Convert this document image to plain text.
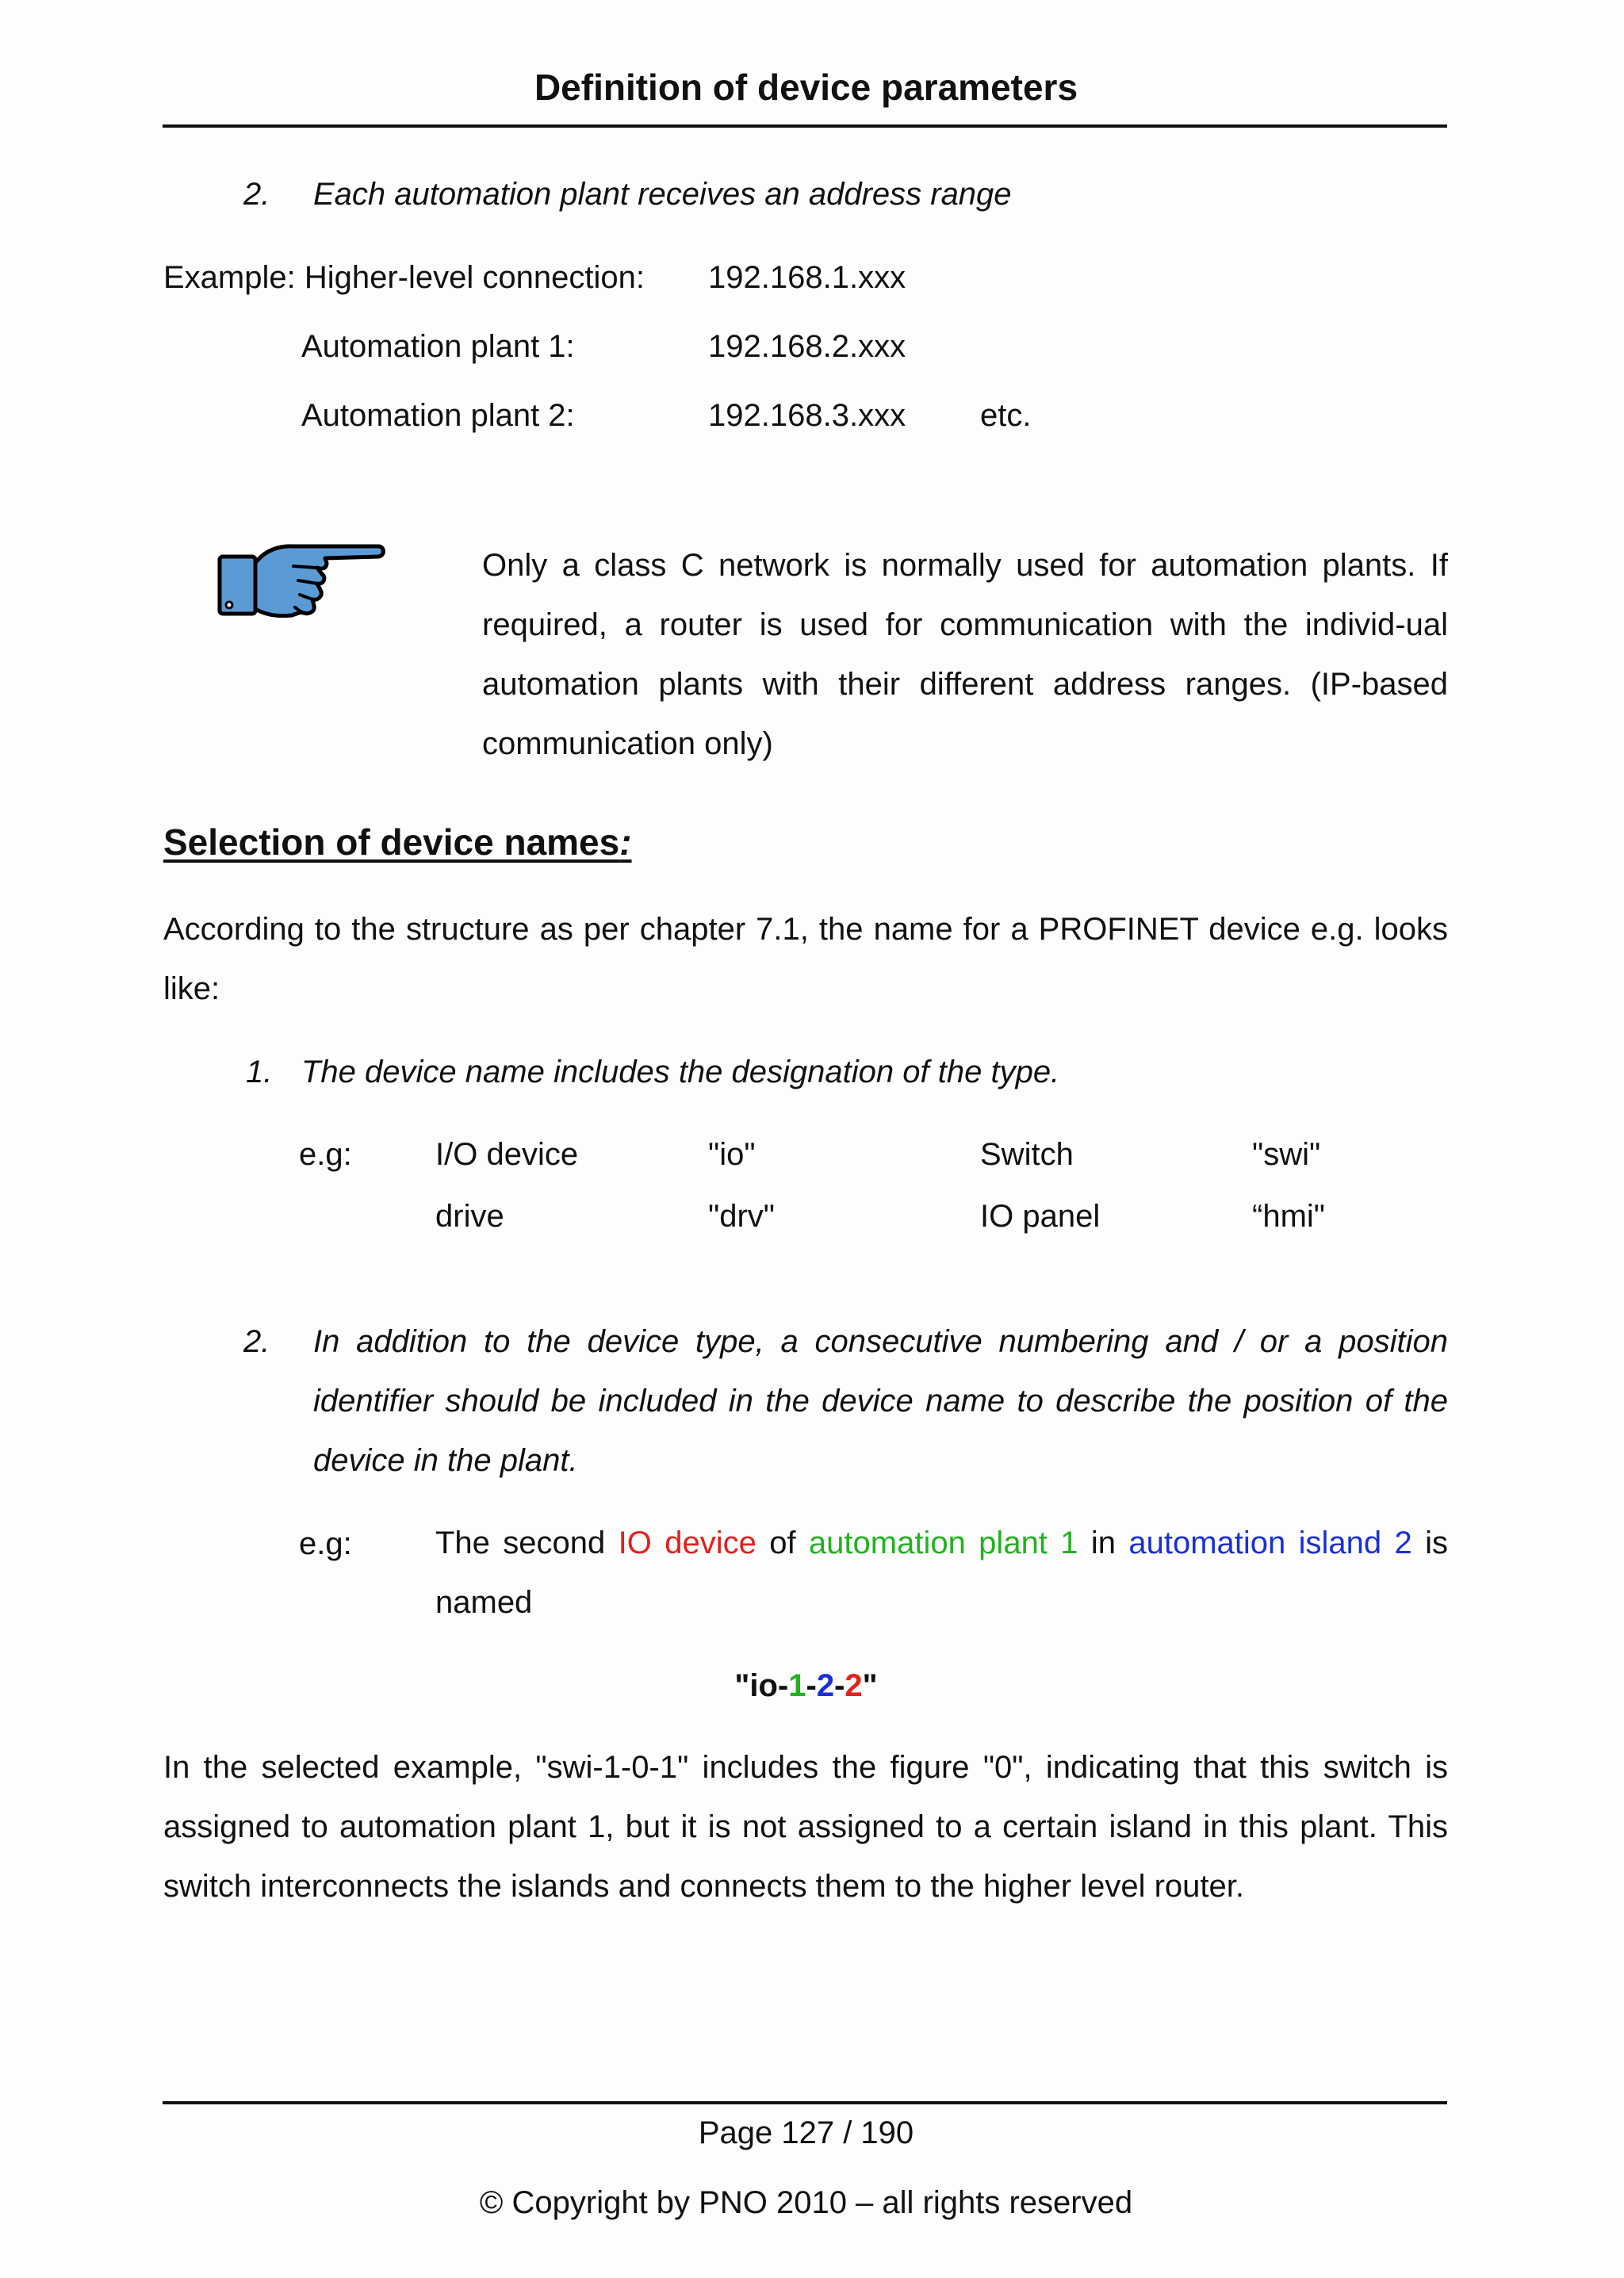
Definition of device parameters
2. Each automation plant receives an address range
Example: Higher-level connection: 192.168.1.xxx
Automation plant 1:	192.168.2.xxx
Automation plant 2:	192.168.3.xxx etc.

Only a class C network is normally used for automation plants. If required, a router is used for communication with the individ-ual automation plants with their different address ranges. (IP-based communication only)

Selection of device names:

According to the structure as per chapter 7.1, the name for a PROFINET device e.g. looks like:

1. The device name includes the designation of the type.
e.g:	I/O device	"io"	Switch	"swi"
drive	"drv"	IO panel	“hmi"
2. In addition to the device type, a consecutive numbering and / or a position identifier should be included in the device name to describe the position of the device in the plant.

e.g:	The second IO device of automation plant 1 in automation island 2 is named

"io-1-2-2"

In the selected example, "swi-1-0-1" includes the figure "0", indicating that this switch is assigned to automation plant 1, but it is not assigned to a certain island in this plant. This switch interconnects the islands and connects them to the higher level router.

Page 127 / 190
© Copyright by PNO 2010 – all rights reserved
